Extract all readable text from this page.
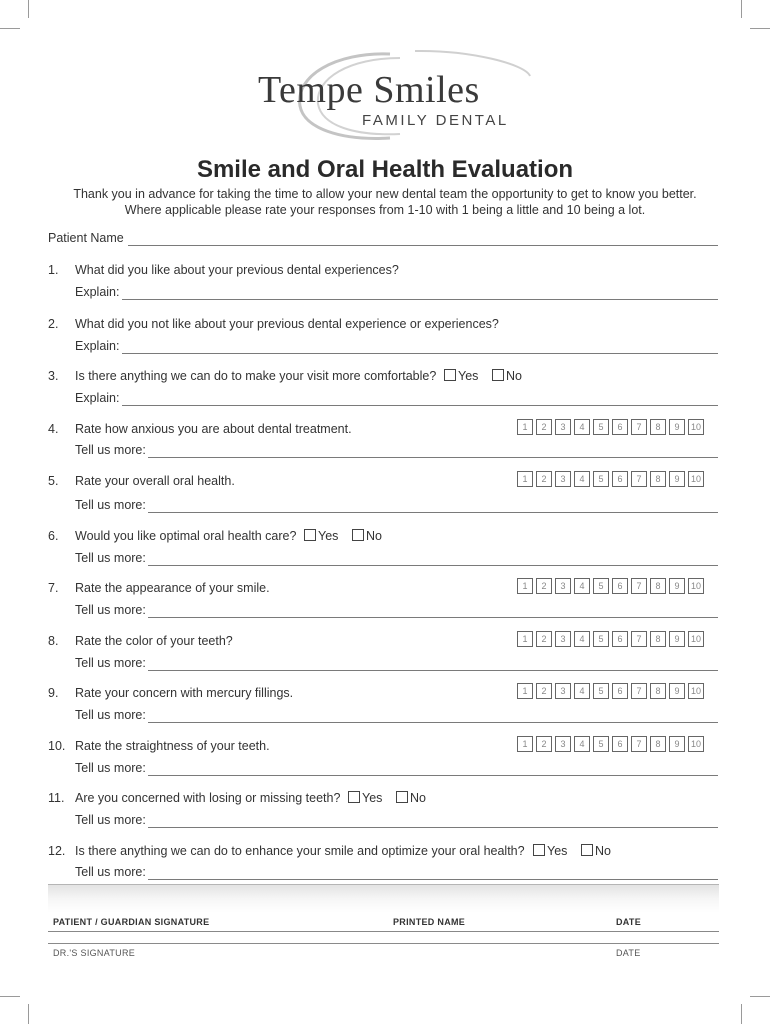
Tempe Smiles
FAMILY DENTAL
Smile and Oral Health Evaluation
Thank you in advance for taking the time to allow your new dental team the opportunity to get to know you better.
Where applicable please rate your responses from 1-10 with 1 being a little and 10 being a lot.
Patient Name
1. What did you like about your previous dental experiences?
Explain:
2. What did you not like about your previous dental experience or experiences?
Explain:
3. Is there anything we can do to make your visit more comfortable?	Yes	No
Explain:
4. Rate how anxious you are about dental treatment.	1	2	3	4	5	6	7	8	9	10
Tell us more:
5. Rate your overall oral health.	1	2	3	4	5	6	7	8	9	10
Tell us more:
6. Would you like optimal oral health care?	Yes	No
Tell us more:
7. Rate the appearance of your smile.	1	2	3	4	5	6	7	8	9	10
Tell us more:
8. Rate the color of your teeth?	1	2	3	4	5	6	7	8	9	10
Tell us more:
9. Rate your concern with mercury fillings.	1	2	3	4	5	6	7	8	9	10
Tell us more:
10. Rate the straightness of your teeth.	1	2	3	4	5	6	7	8	9	10
Tell us more:
11. Are you concerned with losing or missing teeth?	Yes	No
Tell us more:
12. Is there anything we can do to enhance your smile and optimize your oral health?	Yes	No
Tell us more:
PATIENT / GUARDIAN SIGNATURE	PRINTED NAME	DATE
DR.'S SIGNATURE	DATE
